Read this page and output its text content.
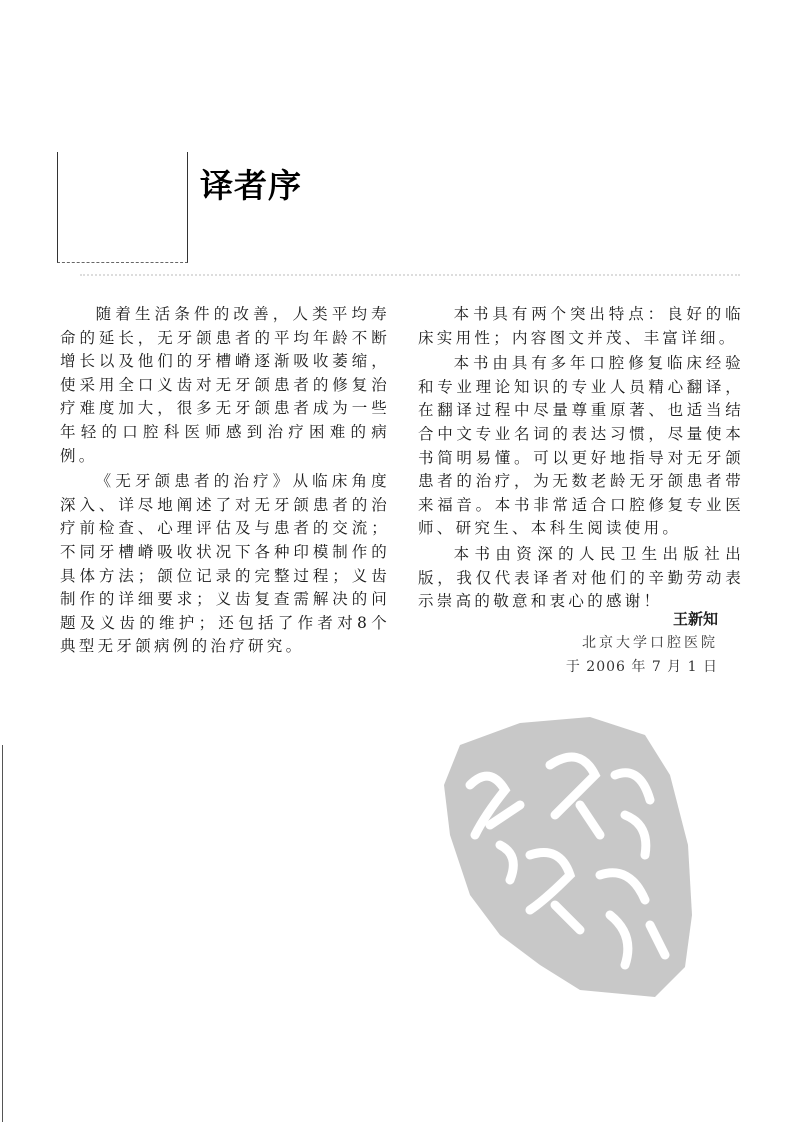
译者序

随着生活条件的改善，人类平均寿命的延长，无牙颌患者的平均年龄不断增长以及他们的牙槽嵴逐渐吸收萎缩，使采用全口义齿对无牙颌患者的修复治疗难度加大，很多无牙颌患者成为一些年轻的口腔科医师感到治疗困难的病例。

《无牙颌患者的治疗》从临床角度深入、详尽地阐述了对无牙颌患者的治疗前检查、心理评估及与患者的交流；不同牙槽嵴吸收状况下各种印模制作的具体方法；颌位记录的完整过程；义齿制作的详细要求；义齿复查需解决的问题及义齿的维护；还包括了作者对8个典型无牙颌病例的治疗研究。

本书具有两个突出特点：良好的临床实用性；内容图文并茂、丰富详细。

本书由具有多年口腔修复临床经验和专业理论知识的专业人员精心翻译，在翻译过程中尽量尊重原著、也适当结合中文专业名词的表达习惯，尽量使本书简明易懂。可以更好地指导对无牙颌患者的治疗，为无数老龄无牙颌患者带来福音。本书非常适合口腔修复专业医师、研究生、本科生阅读使用。

本书由资深的人民卫生出版社出版，我仅代表译者对他们的辛勤劳动表示崇高的敬意和衷心的感谢！

王新知
北京大学口腔医院
于 2006 年 7 月 1 日
